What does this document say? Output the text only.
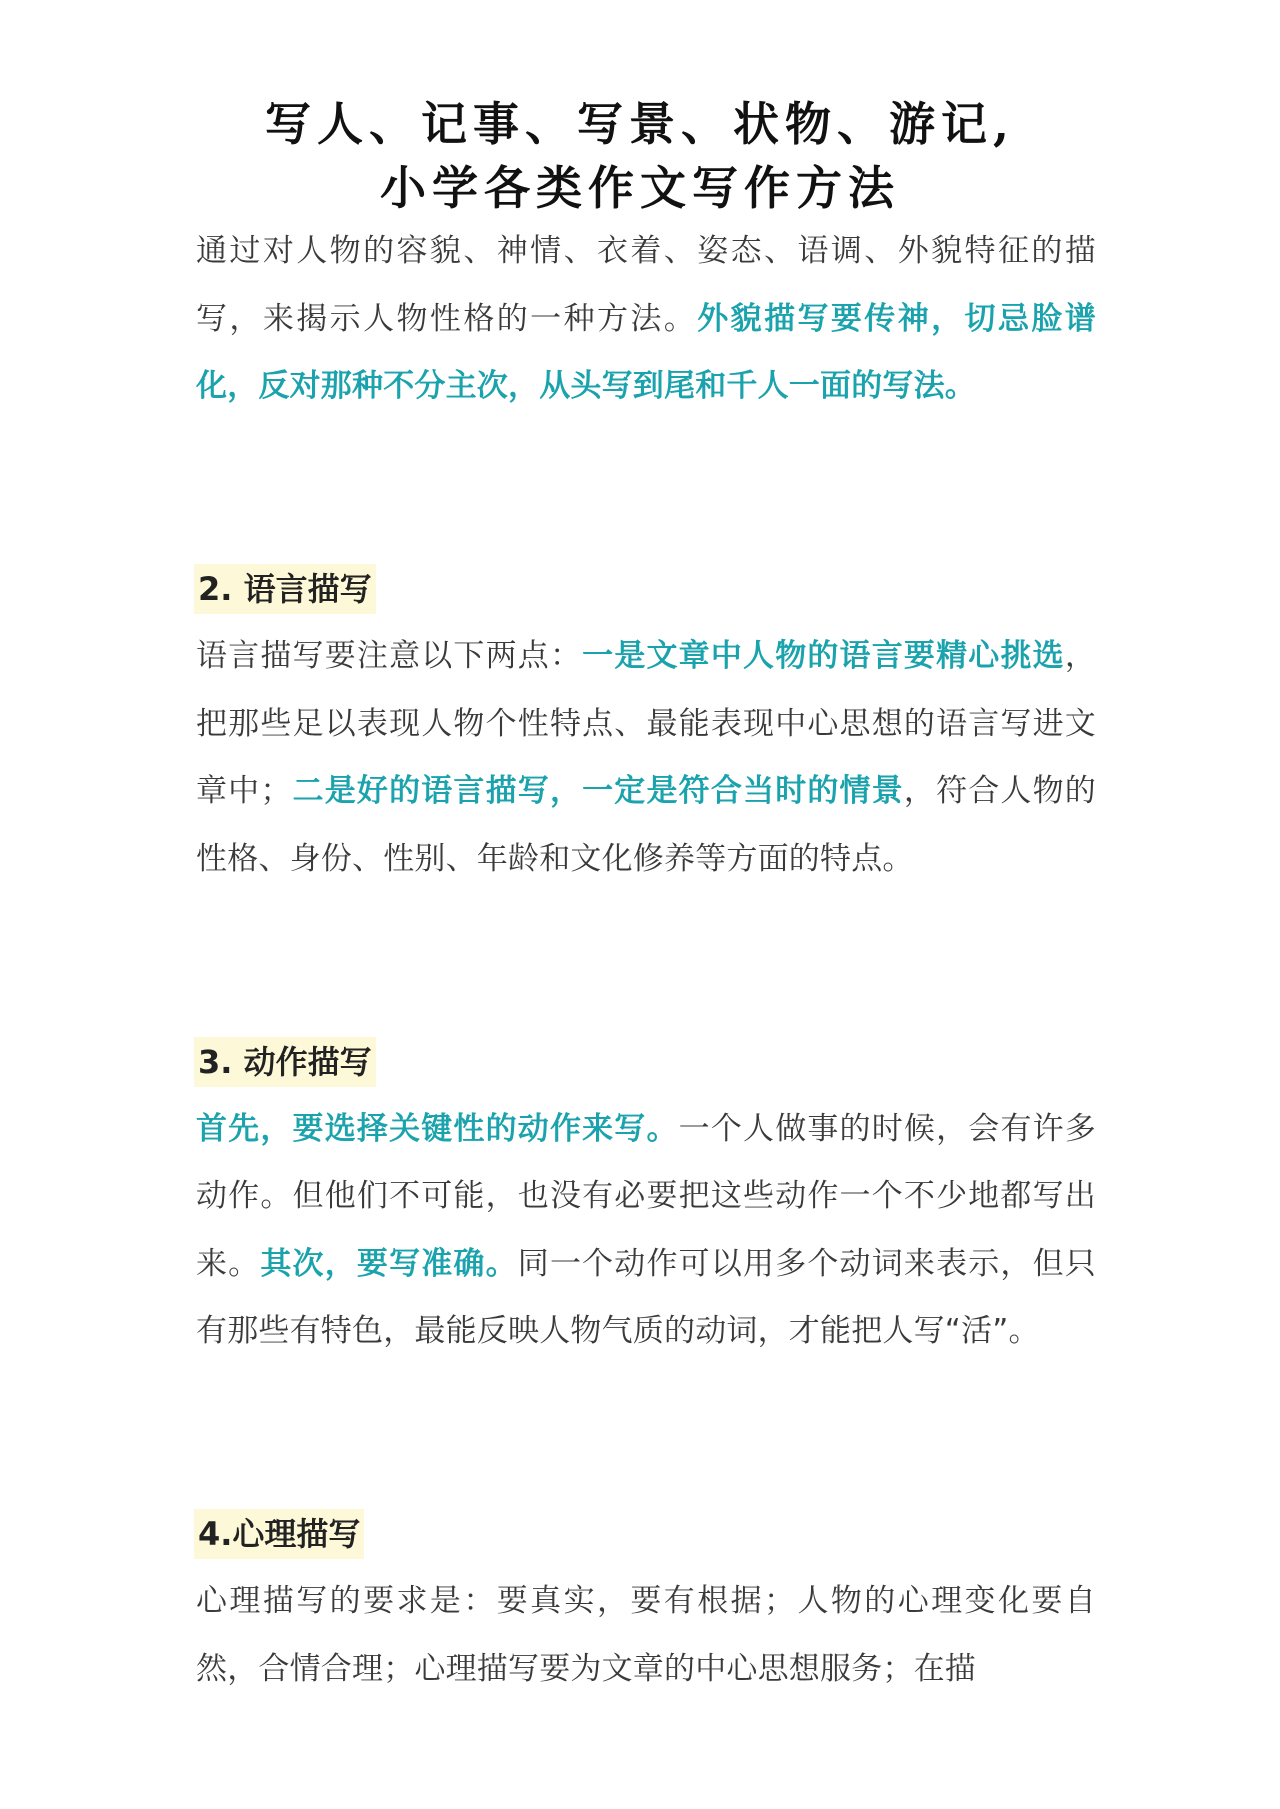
写人、记事、写景、状物、游记,
小学各类作文写作方法

通过对人物的容貌、神情、衣着、姿态、语调、外貌特征的描写，来揭示人物性格的一种方法。外貌描写要传神，切忌脸谱化，反对那种不分主次，从头写到尾和千人一面的写法。

2. 语言描写

语言描写要注意以下两点：一是文章中人物的语言要精心挑选，把那些足以表现人物个性特点、最能表现中心思想的语言写进文章中；二是好的语言描写，一定是符合当时的情景，符合人物的性格、身份、性别、年龄和文化修养等方面的特点。

3. 动作描写

首先，要选择关键性的动作来写。一个人做事的时候，会有许多动作。但他们不可能，也没有必要把这些动作一个不少地都写出来。其次，要写准确。同一个动作可以用多个动词来表示，但只有那些有特色，最能反映人物气质的动词，才能把人写“活”。

4.心理描写

心理描写的要求是：要真实，要有根据；人物的心理变化要自然，合情合理；心理描写要为文章的中心思想服务；在描
